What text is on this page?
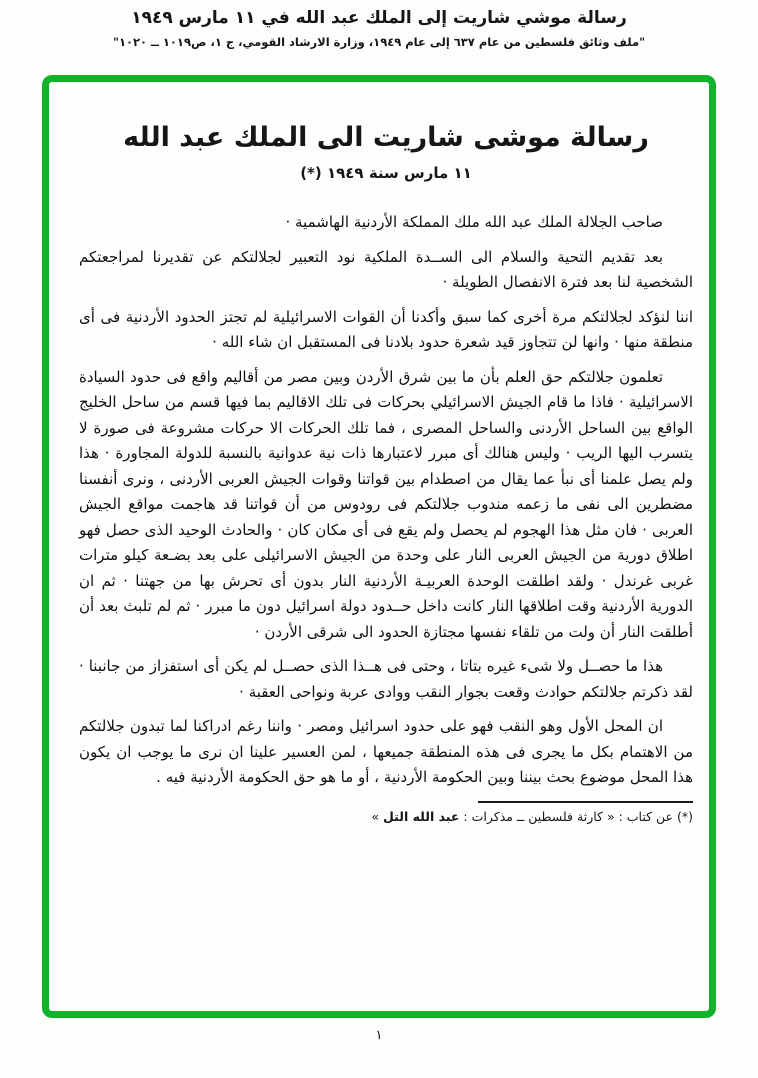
رسالة موشي شاريت إلى الملك عبد الله في ١١ مارس ١٩٤٩
"ملف وثائق فلسطين من عام ٦٣٧ إلى عام ١٩٤٩، وزارة الارشاد القومي، ج ١، ص١٠١٩ ــ ١٠٢٠"
رسالة موشى شاريت الى الملك عبد الله
١١ مارس سنة ١٩٤٩ (*)

صاحب الجلالة الملك عبد الله ملك المملكة الأردنية الهاشمية ·

بعد تقديم التحية والسلام الى الســدة الملكية نود التعبير لجلالتكم عن تقديرنا لمراجعتكم الشخصية لنا بعد فترة الانفصال الطويلة ·

اننا لنؤكد لجلالتكم مرة أخرى كما سبق وأكدنا أن القوات الاسرائيلية لم تجتز الحدود الأردنية فى أى منطقة منها · وانها لن تتجاوز قيد شعرة حدود بلادنا فى المستقبل ان شاء الله ·

تعلمون جلالتكم حق العلم بأن ما بين شرق الأردن وبين مصر من أقاليم واقع فى حدود السيادة الاسرائيلية · فاذا ما قام الجيش الاسرائيلي بحركات فى تلك الاقاليم بما فيها قسم من ساحل الخليج الواقع بين الساحل الأردنى والساحل المصرى ، فما تلك الحركات الا حركات مشروعة فى صورة لا يتسرب اليها الريب · وليس هنالك أى مبرر لاعتبارها ذات نية عدوانية بالنسبة للدولة المجاورة · هذا ولم يصل علمنا أى نبأ عما يقال من اصطدام بين قواتنا وقوات الجيش العربى الأردنى ، ونرى أنفسنا مضطرين الى نفى ما زعمه مندوب جلالتكم فى رودوس من أن قواتنا قد هاجمت مواقع الجيش العربى · فان مثل هذا الهجوم لم يحصل ولم يقع فى أى مكان كان · والحادث الوحيد الذى حصل فهو اطلاق دورية من الجيش العربى النار على وحدة من الجيش الاسرائيلى على بعد بضـعة كيلو مترات غربى غرندل · ولقد اطلقت الوحدة العربيـة الأردنية النار بدون أى تحرش بها من جهتنا · ثم ان الدورية الأردنية وقت اطلاقها النار كانت داخل حــدود دولة اسرائيل دون ما مبرر · ثم لم تلبث بعد أن أطلقت النار أن ولت من تلقاء نفسها مجتازة الحدود الى شرقى الأردن ·

هذا ما حصــل ولا شىء غيره بتاتا ، وحتى فى هــذا الذى حصــل لم يكن أى استفزاز من جانبنا · لقد ذكرتم جلالتكم حوادث وقعت بجوار النقب ووادى عربة ونواحى العقبة ·

ان المحل الأول وهو النقب فهو على حدود اسرائيل ومصر · واننا رغم ادراكنا لما تبدون جلالتكم من الاهتمام بكل ما يجرى فى هذه المنطقة جميعها ، لمن العسير علينا ان نرى ما يوجب ان يكون هذا المحل موضوع بحث بيننا وبين الحكومة الأردنية ، أو ما هو حق الحكومة الأردنية فيه .

(*) عن كتاب : « كارثة فلسطين ــ مذكرات : عبد الله التل »
١
